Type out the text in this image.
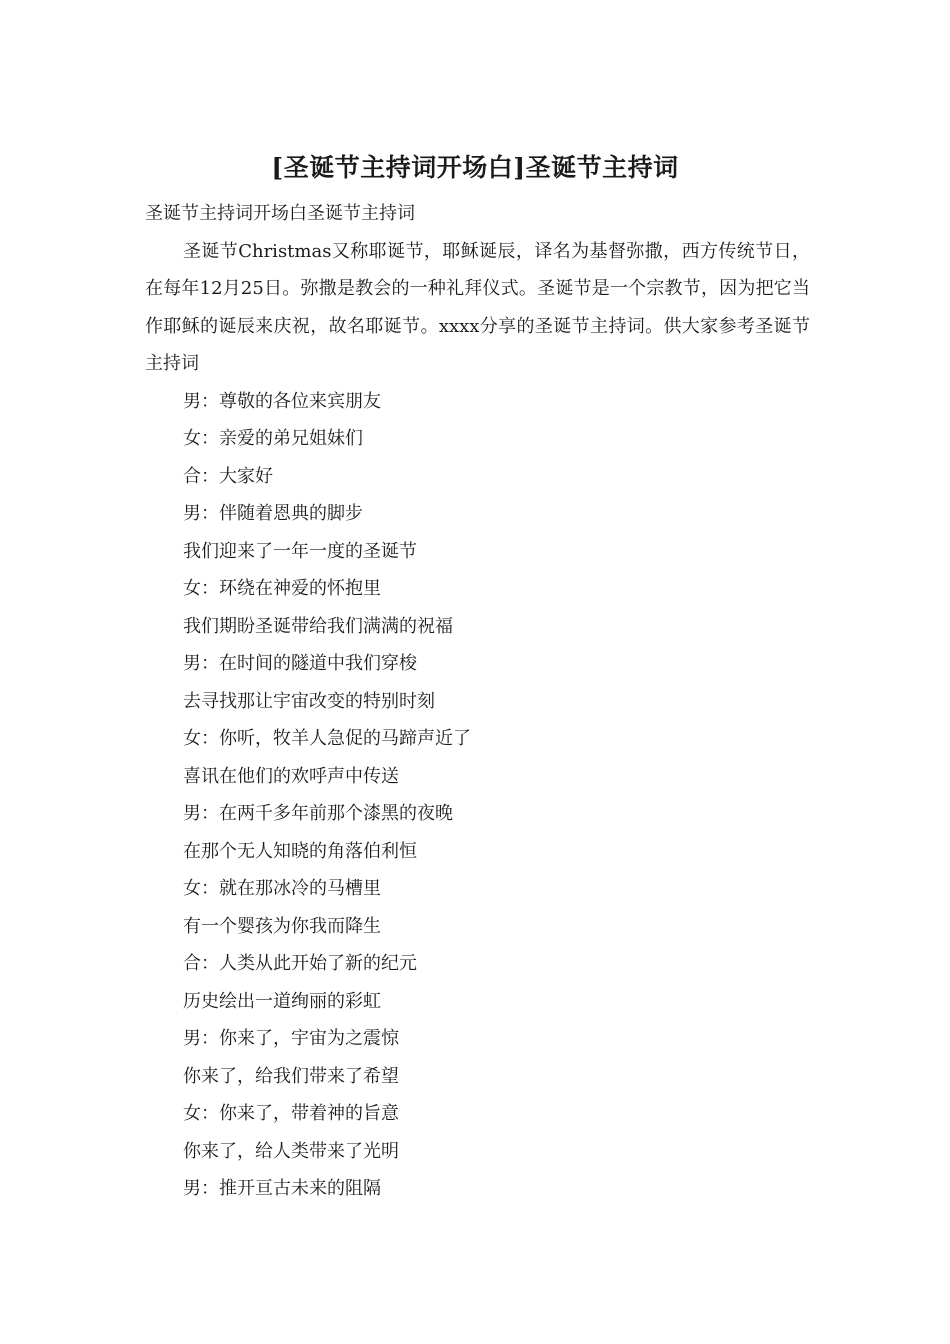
[圣诞节主持词开场白]圣诞节主持词

圣诞节主持词开场白圣诞节主持词

圣诞节Christmas又称耶诞节，耶稣诞辰，译名为基督弥撒，西方传统节日，在每年12月25日。弥撒是教会的一种礼拜仪式。圣诞节是一个宗教节，因为把它当作耶稣的诞辰来庆祝，故名耶诞节。xxxx分享的圣诞节主持词。供大家参考圣诞节主持词

男：尊敬的各位来宾朋友

女：亲爱的弟兄姐妹们

合：大家好

男：伴随着恩典的脚步

我们迎来了一年一度的圣诞节

女：环绕在神爱的怀抱里

我们期盼圣诞带给我们满满的祝福

男：在时间的隧道中我们穿梭

去寻找那让宇宙改变的特别时刻

女：你听，牧羊人急促的马蹄声近了

喜讯在他们的欢呼声中传送

男：在两千多年前那个漆黑的夜晚

在那个无人知晓的角落伯利恒

女：就在那冰冷的马槽里

有一个婴孩为你我而降生

合：人类从此开始了新的纪元

历史绘出一道绚丽的彩虹

男：你来了，宇宙为之震惊

你来了，给我们带来了希望

女：你来了，带着神的旨意

你来了，给人类带来了光明

男：推开亘古未来的阻隔
